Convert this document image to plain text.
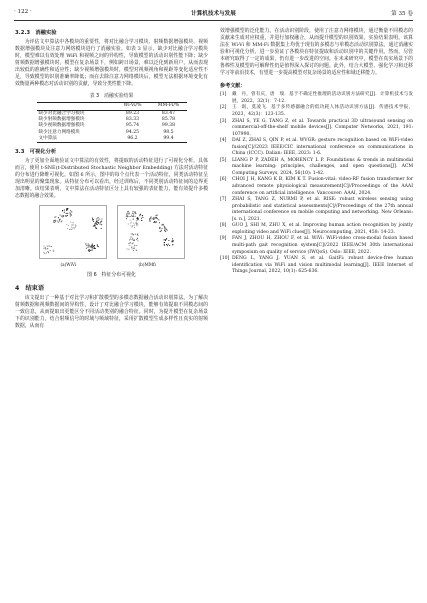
· 122 ·	计算机技术与发展	第 35 卷
3.2.3　消融实验

为评估文中算法中各模块的重要性，将对比融合学习模块、射频数据增强模块、视频数据增强模块及注意力网络模块进行了消融实验。如表 3 显示，缺少对比融合学习模块时，模型难以有效处理 WiFi 和视频之间的异构性，导致模型的活动识别性能下降；缺少射频数据增强模块时，模型在复杂场景下，例如跨日场景，难以泛化到新用户，从而表现出较低的准确性和适应性；缺少视频增强模块时，模型对视频视角和视距等变化适应性不足，导致模型的识别准确率降低；而在去除注意力网络模块后，模型无法根据环境变化有效衡量两种模态对活动识别的贡献，导致分类性能下降。

表 3　消融实验结果
	Wi-Vi/%	MM-Fi/%
缺少对比融合学习模块	89.23	83.47
缺少射频数据增强模块	83.33	85.78
缺少视频数据增强模块	95.74	99.38
缺少注意力网络模块	94.25	98.5
文中算法	96.2	99.4
3.3　可视化分析

为了更加全面地验证文中算法的有效性，将提取的活动特征进行了可视化分析。具体而言，使用 t-SNE(t-Distributed Stochastic Neighbor Embedding) 方法对活动特征的分布进行降维可视化。如图 6 所示，图中的每个点代表一个活动特征，同类活动特征呈现出明显的聚集现象。从特征分布可以看出，经过训练后，不同类别活动特征间的边界更加清晰。该结果表明，文中算法在活动特征区分上具有较强的表征能力，能有效提升多模态数据的融合效果。

(a)WiVi	(b)MMfi
图 6　特征分布可视化
4　结束语

该文提出了一种基于对比学习和扩散模型的多模态数据融合活动识别算法。为了解决射频数据和视频数据间的异构性，设计了对比融合学习模块，能够有效提取不同模态间的一致信息，从而提取出更能区分不同活动类别的融合特征。同时，为提升模型在复杂场景下的识别能力，结合射频信号的时域与频域特征，采用扩散模型生成多样性且真实的射频数据，从而有

效增强模型的泛化能力。在活动识别阶段，使用了注意力网络模块，通过衡量不同模态的贡献来生成对应权重，并进行加权融合，从而提升模型的识别效果。实验结果表明，该算法在 Wi-Vi 和 MM-Fi 数据集上均优于现有的多模态与单模态活动识别算法。通过消融实验和可视化分析，进一步验证了各模块在特征提取和活动识别中的关键作用。然而，尽管本研究取得了一定的成果，仍有进一步改进的空间。在未来研究中，模型在真实场景下的鲁棒性及模型的可解释性仍是值得深入探讨的问题。此外，结合大模型、强化学习和迁移学习等前沿技术，有望进一步提高模型对复杂场景的适应性和域迁移能力。

参考文献：
[1]	戴　丹，曾有庆，唐　瑞．基于不确定性推理的活动识别方法研究[J]．计算机技术与发展，2022，32(1)：7-12.
[2]	王　珉，莫凌飞．基于多传感器融合的低功耗人体活动识别方法[J]．传感技术学报，2023，42(3)：123-135.
[3]	ZHAI S, YE G, TANG Z, et al. Towards practical 3D ultrasound sensing on commercial-off-the-shelf mobile devices[J]. Computer Networks, 2021, 191: 107990.
[4]	DAI Z, ZHAI S, QIN P, et al. WVGR: gesture recognition based on WiFi-video fusion[C]//2023 IEEE/CIC international conference on communications in China (ICCC). Dalian: IEEE, 2023: 1-6.
[5]	LIANG P P, ZADEH A, MORENCY L P. Foundations & trends in multimodal machine learning: principles, challenges, and open questions[J]. ACM Computing Surveys, 2024, 56(10): 1-42.
[6]	CHOI J H, KANG K B, KIM K T. Fusion-vital: video-RF fusion transformer for advanced remote physiological measurement[C]//Proceedings of the AAAI conference on artificial intelligence. Vancouver: AAAI, 2024.
[7]	ZHAI S, TANG Z, NURMI P, et al. RISE: robust wireless sensing using probabilistic and statistical assessments[C]//Proceedings of the 27th annual international conference on mobile computing and networking. New Orleans: [s. n.], 2021.
[8]	GUO J, SHI M, ZHU X, et al. Improving human action recognition by jointly exploiting video and WiFi clues[J]. Neurocomputing, 2021, 458: 14-23.
[9]	FAN J, ZHOU H, ZHOU F, et al. WiVi: WiFi-video cross-modal fusion based multi-path gait recognition system[C]//2022 IEEE/ACM 30th international symposium on quality of service (IWQoS). Oslo: IEEE, 2022.
[10] DENG L, YANG J, YUAN S, et al. GaitFi: robust device-free human identification via WiFi and vision multimodal learning[J]. IEEE Internet of Things Journal, 2022, 10(1): 625-636.
